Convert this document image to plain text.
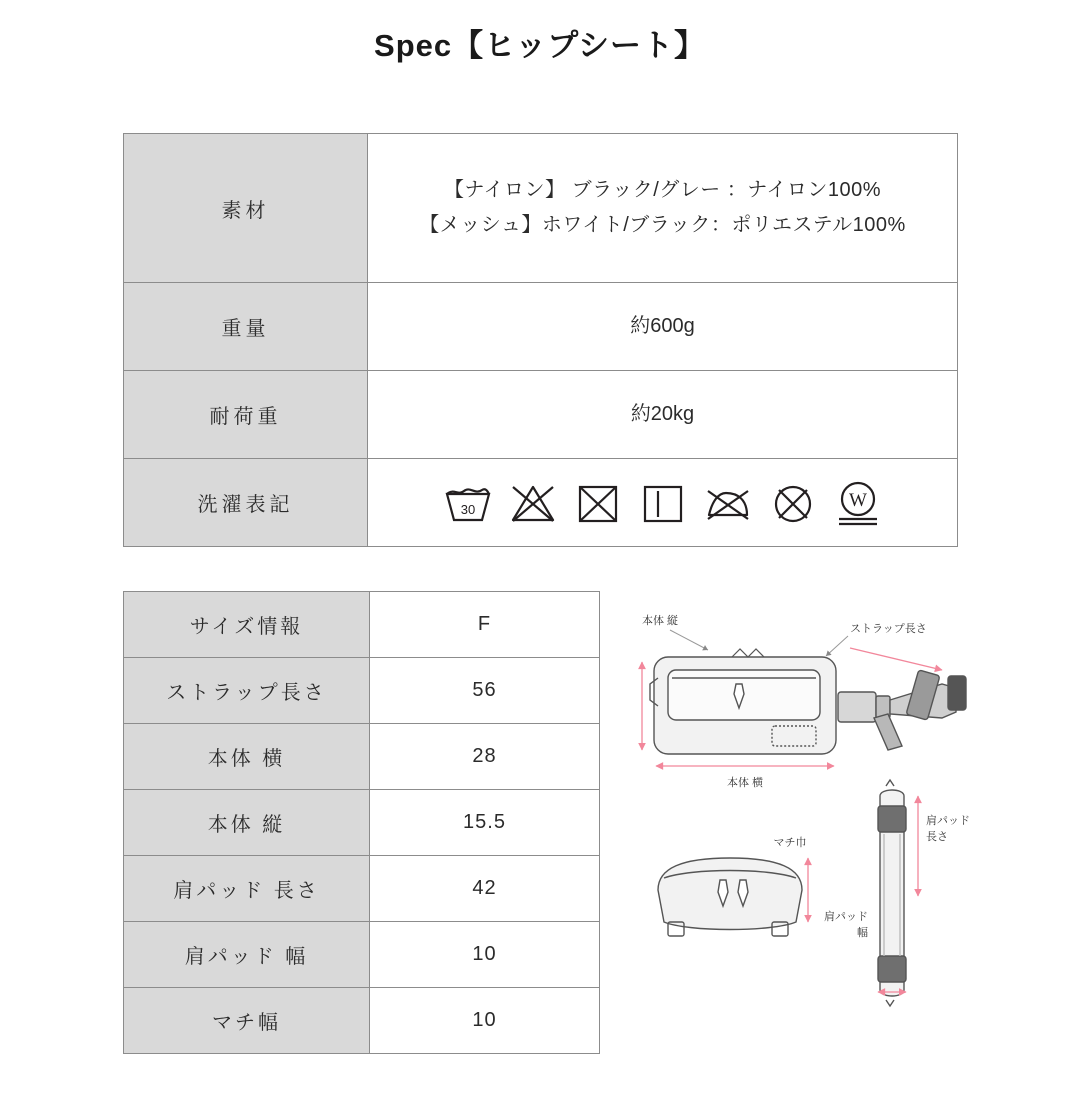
Spec【ヒップシート】
素材	【ナイロン】 ブラック/グレー ：ナイロン100%
【メッシュ】ホワイト/ブラック：ポリエステル100%

重量	約600g
耐荷重	約20kg
洗濯表記	30 W
サイズ情報	F
ストラップ長さ	56
本体 横	28
本体 縦	15.5
肩パッド 長さ	42
肩パッド 幅	10
マチ幅	10
本体 縦
ストラップ長さ
本体 横
マチ巾
肩パッド
長さ
肩パッド
幅
